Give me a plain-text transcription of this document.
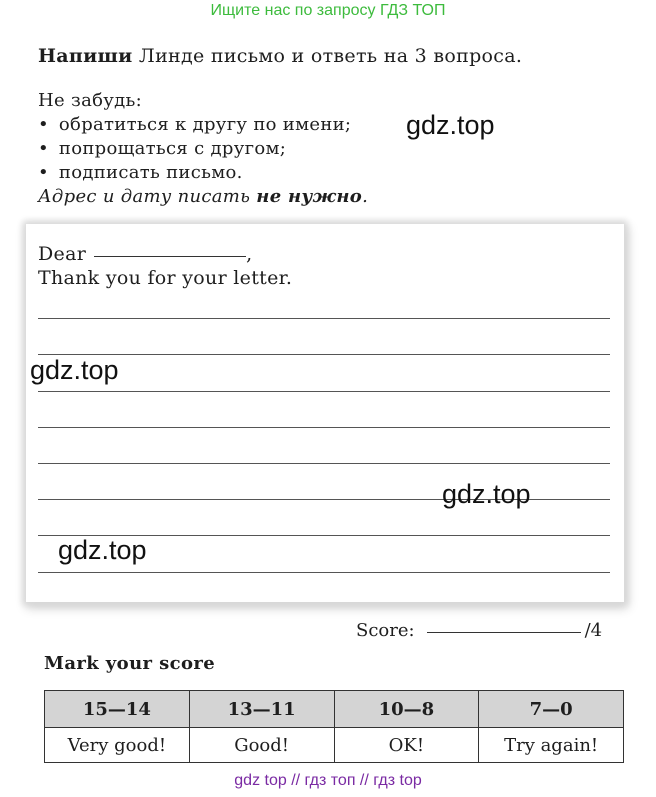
Ищите нас по запросу ГДЗ ТОП
Напиши Линде письмо и ответь на 3 вопроса.
Не забудь:
• обратиться к другу по имени;
• попрощаться с другом;
• подписать письмо.
Адрес и дату писать не нужно.
Dear	,
Thank you for your letter.
gdz.top
gdz.top
gdz.top
gdz.top
Score:	/4
Mark your score
15—14	13—11	10—8	7—0
Very good!	Good!	OK!	Try again!
gdz top // гдз топ // гдз top
